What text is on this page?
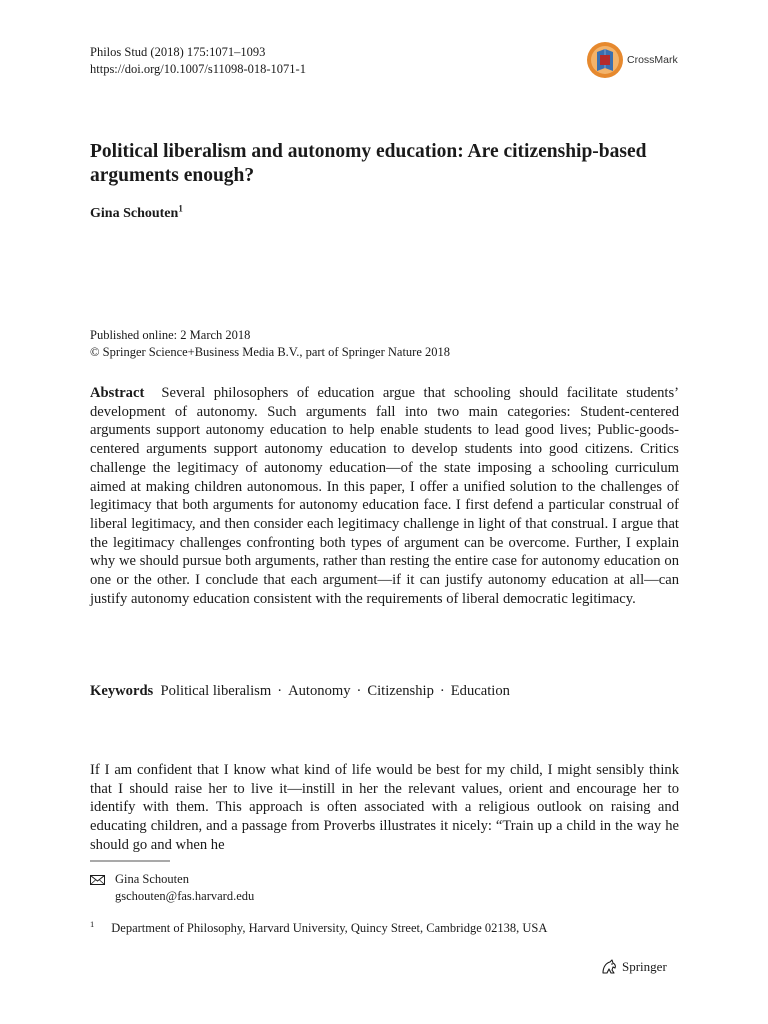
Philos Stud (2018) 175:1071–1093
https://doi.org/10.1007/s11098-018-1071-1
CrossMark
Political liberalism and autonomy education: Are citizenship-based arguments enough?
Gina Schouten$^1$
Published online: 2 March 2018
© Springer Science+Business Media B.V., part of Springer Nature 2018
Abstract Several philosophers of education argue that schooling should facilitate students’ development of autonomy. Such arguments fall into two main categories: Student-centered arguments support autonomy education to help enable students to lead good lives; Public-goods-centered arguments support autonomy education to develop students into good citizens. Critics challenge the legitimacy of autonomy education—of the state imposing a schooling curriculum aimed at making children autonomous. In this paper, I offer a unified solution to the challenges of legitimacy that both arguments for autonomy education face. I first defend a particular construal of liberal legitimacy, and then consider each legitimacy challenge in light of that construal. I argue that the legitimacy challenges confronting both types of argument can be overcome. Further, I explain why we should pursue both arguments, rather than resting the entire case for autonomy education on one or the other. I conclude that each argument—if it can justify autonomy education at all—can justify autonomy education consistent with the requirements of liberal democratic legitimacy.
Keywords Political liberalism · Autonomy · Citizenship · Education
If I am confident that I know what kind of life would be best for my child, I might sensibly think that I should raise her to live it—instill in her the relevant values, orient and encourage her to identify with them. This approach is often associated with a religious outlook on raising and educating children, and a passage from Proverbs illustrates it nicely: “Train up a child in the way he should go and when he
Gina Schouten
gschouten@fas.harvard.edu
$^1$ Department of Philosophy, Harvard University, Quincy Street, Cambridge 02138, USA
Springer
